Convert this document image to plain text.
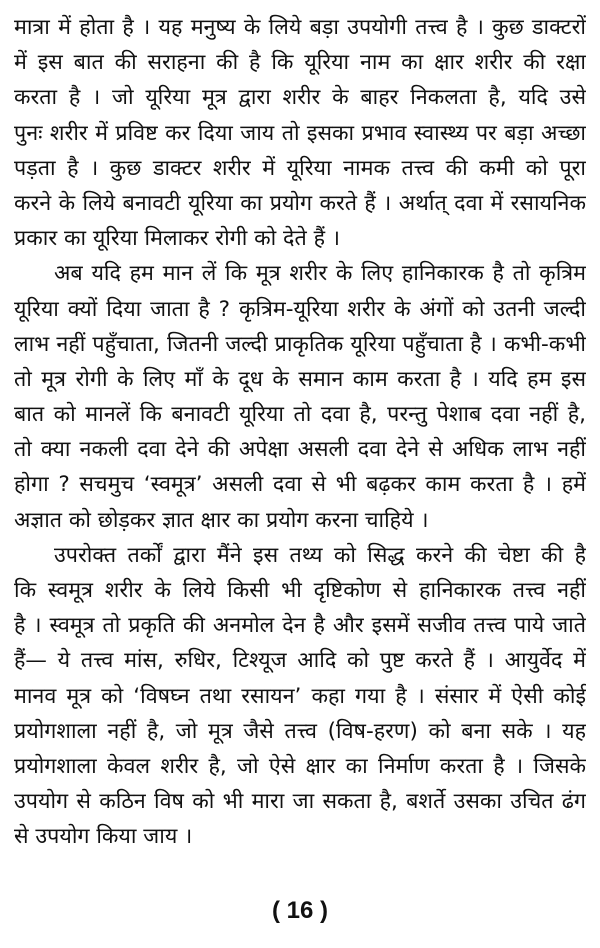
मात्रा में होता है । यह मनुष्य के लिये बड़ा उपयोगी तत्त्व है । कुछ डाक्टरों
में इस बात की सराहना की है कि यूरिया नाम का क्षार शरीर की रक्षा
करता है । जो यूरिया मूत्र द्वारा शरीर के बाहर निकलता है, यदि उसे
पुनः शरीर में प्रविष्ट कर दिया जाय तो इसका प्रभाव स्वास्थ्य पर बड़ा अच्छा
पड़ता है । कुछ डाक्टर शरीर में यूरिया नामक तत्त्व की कमी को पूरा
करने के लिये बनावटी यूरिया का प्रयोग करते हैं । अर्थात् दवा में रसायनिक
प्रकार का यूरिया मिलाकर रोगी को देते हैं ।

अब यदि हम मान लें कि मूत्र शरीर के लिए हानिकारक है तो कृत्रिम
यूरिया क्यों दिया जाता है ? कृत्रिम-यूरिया शरीर के अंगों को उतनी जल्दी
लाभ नहीं पहुँचाता, जितनी जल्दी प्राकृतिक यूरिया पहुँचाता है । कभी-कभी
तो मूत्र रोगी के लिए माँ के दूध के समान काम करता है । यदि हम इस
बात को मानलें कि बनावटी यूरिया तो दवा है, परन्तु पेशाब दवा नहीं है,
तो क्या नकली दवा देने की अपेक्षा असली दवा देने से अधिक लाभ नहीं
होगा ? सचमुच ‘स्वमूत्र’ असली दवा से भी बढ़कर काम करता है । हमें
अज्ञात को छोड़कर ज्ञात क्षार का प्रयोग करना चाहिये ।

उपरोक्त तर्कों द्वारा मैंने इस तथ्य को सिद्ध करने की चेष्टा की है
कि स्वमूत्र शरीर के लिये किसी भी दृष्टिकोण से हानिकारक तत्त्व नहीं
है । स्वमूत्र तो प्रकृति की अनमोल देन है और इसमें सजीव तत्त्व पाये जाते
हैं— ये तत्त्व मांस, रुधिर, टिश्यूज आदि को पुष्ट करते हैं । आयुर्वेद में
मानव मूत्र को ‘विषघ्न तथा रसायन’ कहा गया है । संसार में ऐसी कोई
प्रयोगशाला नहीं है, जो मूत्र जैसे तत्त्व (विष-हरण) को बना सके । यह
प्रयोगशाला केवल शरीर है, जो ऐसे क्षार का निर्माण करता है । जिसके
उपयोग से कठिन विष को भी मारा जा सकता है, बशर्ते उसका उचित ढंग
से उपयोग किया जाय ।

( 16 )
